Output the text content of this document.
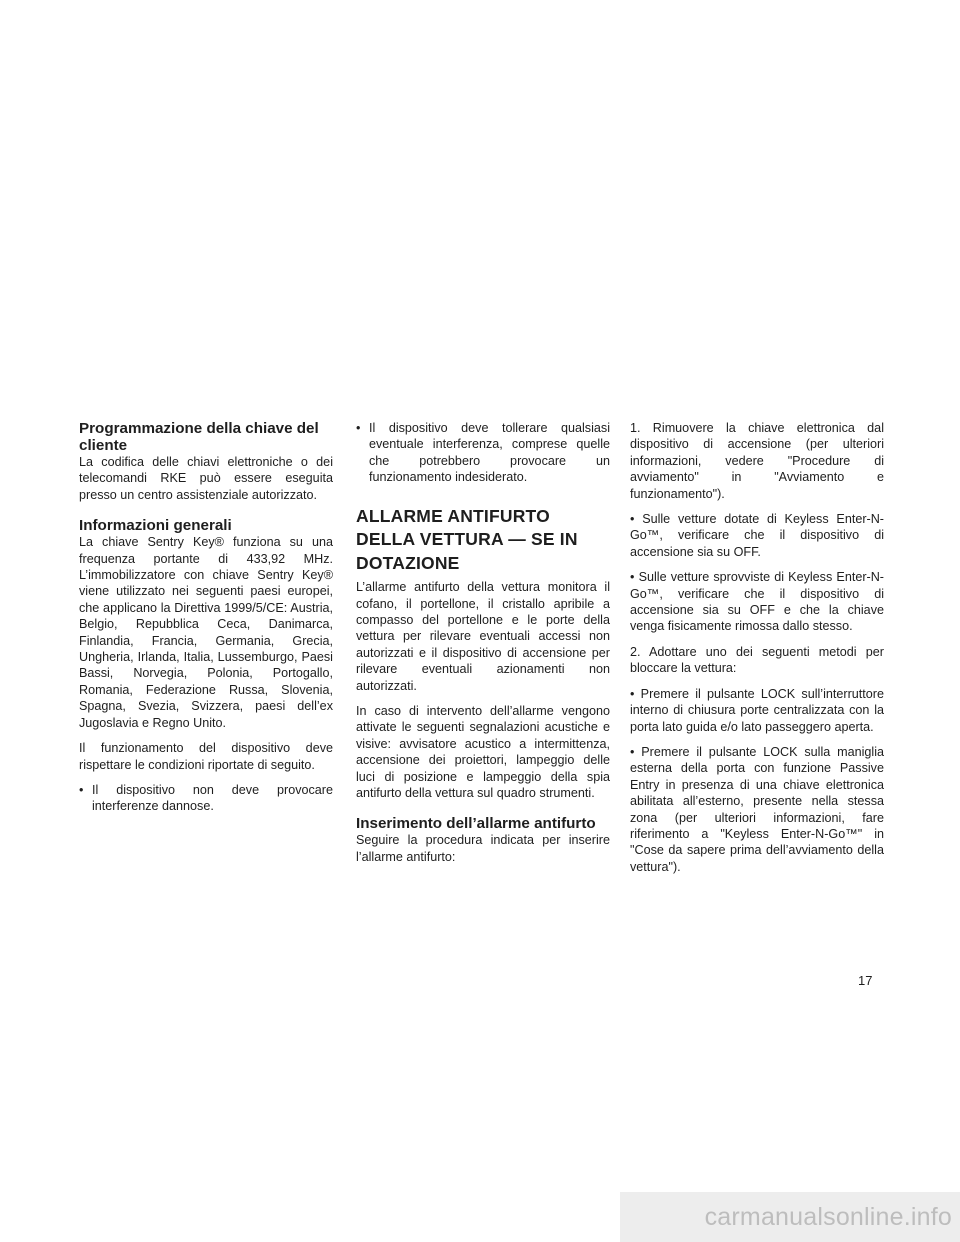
Programmazione della chiave del cliente

La codifica delle chiavi elettroniche o dei telecomandi RKE può essere eseguita presso un centro assistenziale autorizzato.

Informazioni generali

La chiave Sentry Key® funziona su una frequenza portante di 433,92 MHz. L’immobilizzatore con chiave Sentry Key® viene utilizzato nei seguenti paesi europei, che applicano la Direttiva 1999/5/CE: Austria, Belgio, Repubblica Ceca, Danimarca, Finlandia, Francia, Germania, Grecia, Ungheria, Irlanda, Italia, Lussemburgo, Paesi Bassi, Norvegia, Polonia, Portogallo, Romania, Federazione Russa, Slovenia, Spagna, Svezia, Svizzera, paesi dell’ex Jugoslavia e Regno Unito.

Il funzionamento del dispositivo deve rispettare le condizioni riportate di seguito.

• Il dispositivo non deve provocare interferenze dannose.
• Il dispositivo deve tollerare qualsiasi eventuale interferenza, comprese quelle che potrebbero provocare un funzionamento indesiderato.
ALLARME ANTIFURTO DELLA VETTURA — SE IN DOTAZIONE

L’allarme antifurto della vettura monitora il cofano, il portellone, il cristallo apribile a compasso del portellone e le porte della vettura per rilevare eventuali accessi non autorizzati e il dispositivo di accensione per rilevare eventuali azionamenti non autorizzati.

In caso di intervento dell’allarme vengono attivate le seguenti segnalazioni acustiche e visive: avvisatore acustico a intermittenza, accensione dei proiettori, lampeggio delle luci di posizione e lampeggio della spia antifurto della vettura sul quadro strumenti.

Inserimento dell’allarme antifurto

Seguire la procedura indicata per inserire l’allarme antifurto:

1. Rimuovere la chiave elettronica dal dispositivo di accensione (per ulteriori informazioni, vedere "Procedure di avviamento" in "Avviamento e funzionamento").

• Sulle vetture dotate di Keyless Enter-N-Go™, verificare che il dispositivo di accensione sia su OFF.

• Sulle vetture sprovviste di Keyless Enter-N-Go™, verificare che il dispositivo di accensione sia su OFF e che la chiave venga fisicamente rimossa dallo stesso.

2. Adottare uno dei seguenti metodi per bloccare la vettura:

• Premere il pulsante LOCK sull’interruttore interno di chiusura porte centralizzata con la porta lato guida e/o lato passeggero aperta.

• Premere il pulsante LOCK sulla maniglia esterna della porta con funzione Passive Entry in presenza di una chiave elettronica abilitata all’esterno, presente nella stessa zona (per ulteriori informazioni, fare riferimento a "Keyless Enter-N-Go™" in "Cose da sapere prima dell’avviamento della vettura").

17
carmanualsonline.info
